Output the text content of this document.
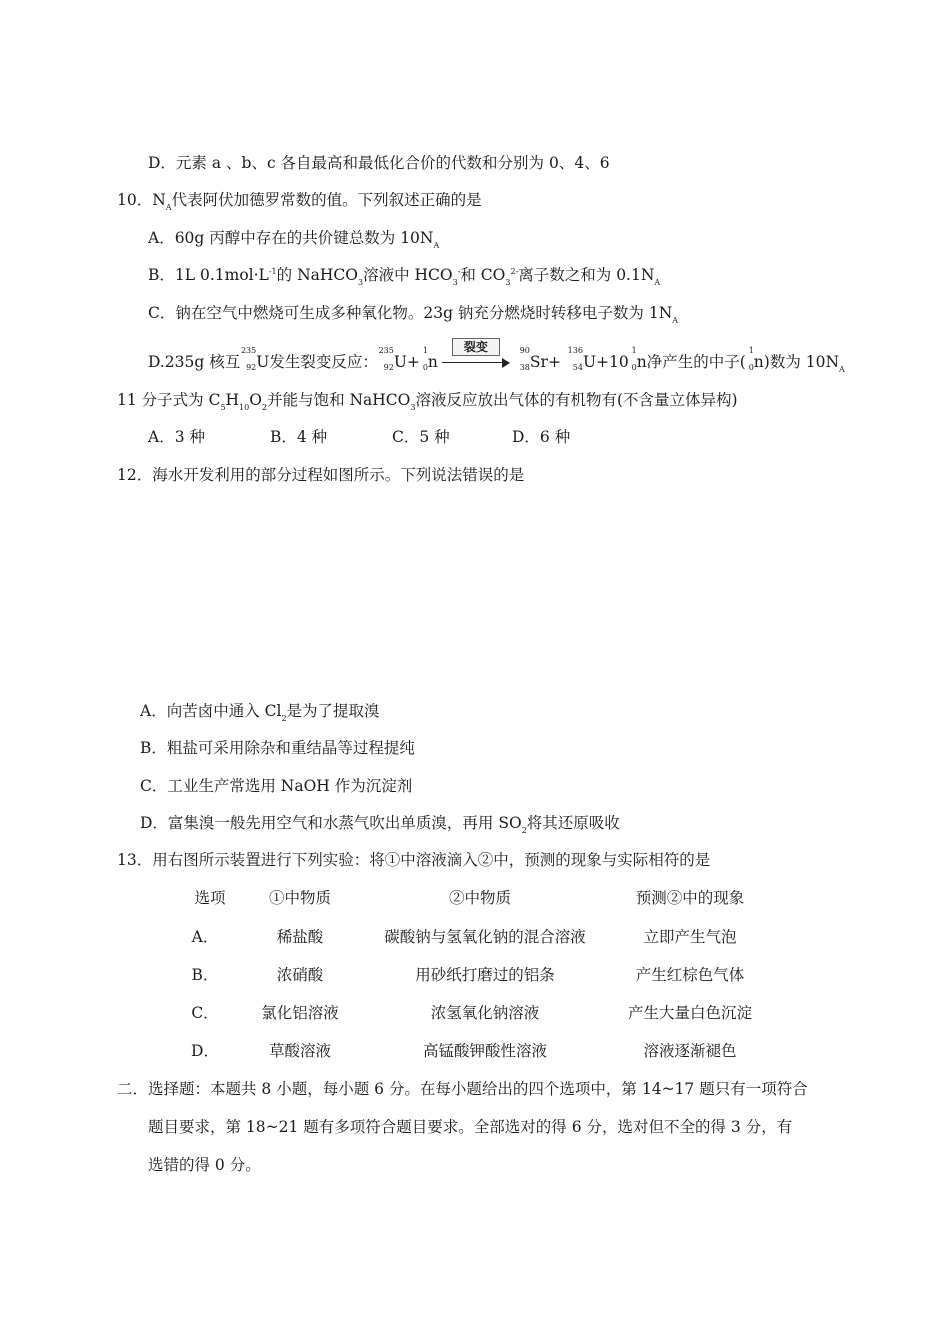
D．元素 a 、b、c 各自最高和最低化合价的代数和分别为 0、4、6
10．$N_A$代表阿伏加德罗常数的值。下列叙述正确的是
A．60g 丙醇中存在的共价键总数为 $10N_A$
B．1L $0.1mol\cdot L^{-1}$的 NaHCO$_3$溶液中 $HCO_3^-$和 $CO_3^{2-}$离子数之和为 $0.1N_A$
C．钠在空气中燃烧可生成多种氧化物。23g 钠充分燃烧时转移电子数为 $1N_A$
D.235g 核互
235
92 U发生裂变反应：
235
92 U+
1
0 n
裂变	90
38 Sr+
136
54 U+10
1
0 n净产生的中子(
1
0 n)数为 $10N_A$
11 分子式为 $C_5H_{10}O_2$并能与饱和 NaHCO$_3$溶液反应放出气体的有机物有(不含量立体异构)
A．3 种	B．4 种	C．5 种	D．6 种
12．海水开发利用的部分过程如图所示。下列说法错误的是
A．向苦卤中通入 $Cl_2$是为了提取溴
B．粗盐可采用除杂和重结晶等过程提纯
C．工业生产常选用 NaOH 作为沉淀剂
D．富集溴一般先用空气和水蒸气吹出单质溴，再用 $SO_2$将其还原吸收
13．用右图所示装置进行下列实验：将①中溶液滴入②中，预测的现象与实际相符的是
选项	①中物质	②中物质	预测②中的现象
A．	稀盐酸	碳酸钠与氢氧化钠的混合溶液	立即产生气泡
B．	浓硝酸	用砂纸打磨过的铝条	产生红棕色气体
C．	氯化铝溶液	浓氢氧化钠溶液	产生大量白色沉淀
D．	草酸溶液	高锰酸钾酸性溶液	溶液逐渐褪色
二．选择题：本题共 8 小题，每小题 6 分。在每小题给出的四个选项中，第 14~17 题只有一项符合
题目要求，第 18~21 题有多项符合题目要求。全部选对的得 6 分，选对但不全的得 3 分，有
选错的得 0 分。
